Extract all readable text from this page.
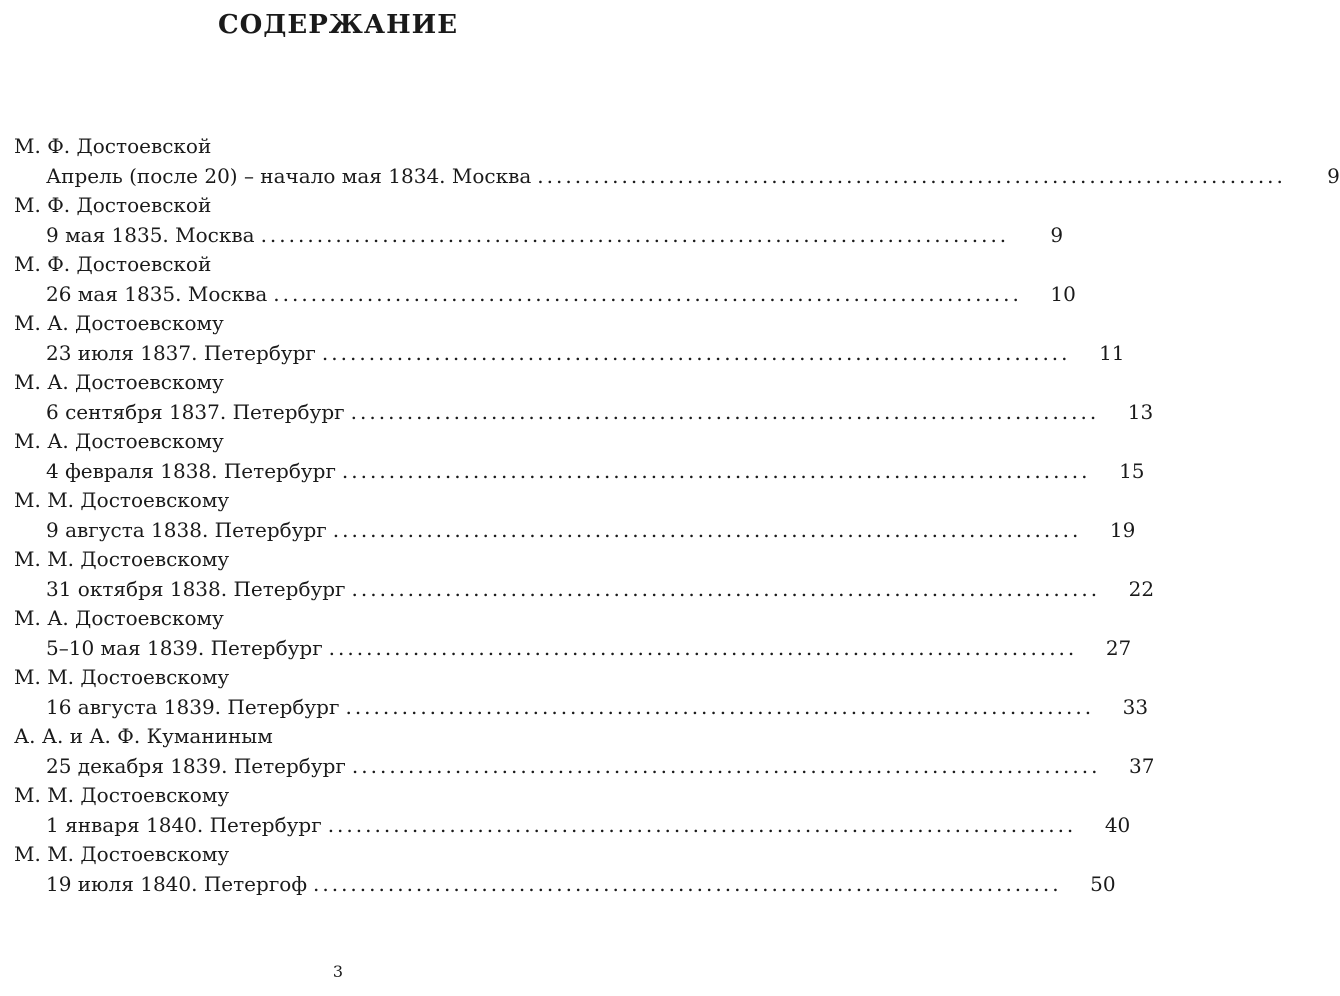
СОДЕРЖАНИЕ
М. Ф. Достоевской
Апрель (после 20) – начало мая 1834. Москва ................................................................................	9
М. Ф. Достоевской
9 мая 1835. Москва ................................................................................	9
М. Ф. Достоевской
26 мая 1835. Москва ................................................................................	10
М. А. Достоевскому
23 июля 1837. Петербург ................................................................................	11
М. А. Достоевскому
6 сентября 1837. Петербург ................................................................................	13
М. А. Достоевскому
4 февраля 1838. Петербург ................................................................................	15
М. М. Достоевскому
9 августа 1838. Петербург ................................................................................	19
М. М. Достоевскому
31 октября 1838. Петербург ................................................................................	22
М. А. Достоевскому
5–10 мая 1839. Петербург ................................................................................	27
М. М. Достоевскому
16 августа 1839. Петербург ................................................................................	33
А. А. и А. Ф. Куманиным
25 декабря 1839. Петербург ................................................................................	37
М. М. Достоевскому
1 января 1840. Петербург ................................................................................	40
М. М. Достоевскому
19 июля 1840. Петергоф ................................................................................	50
3
